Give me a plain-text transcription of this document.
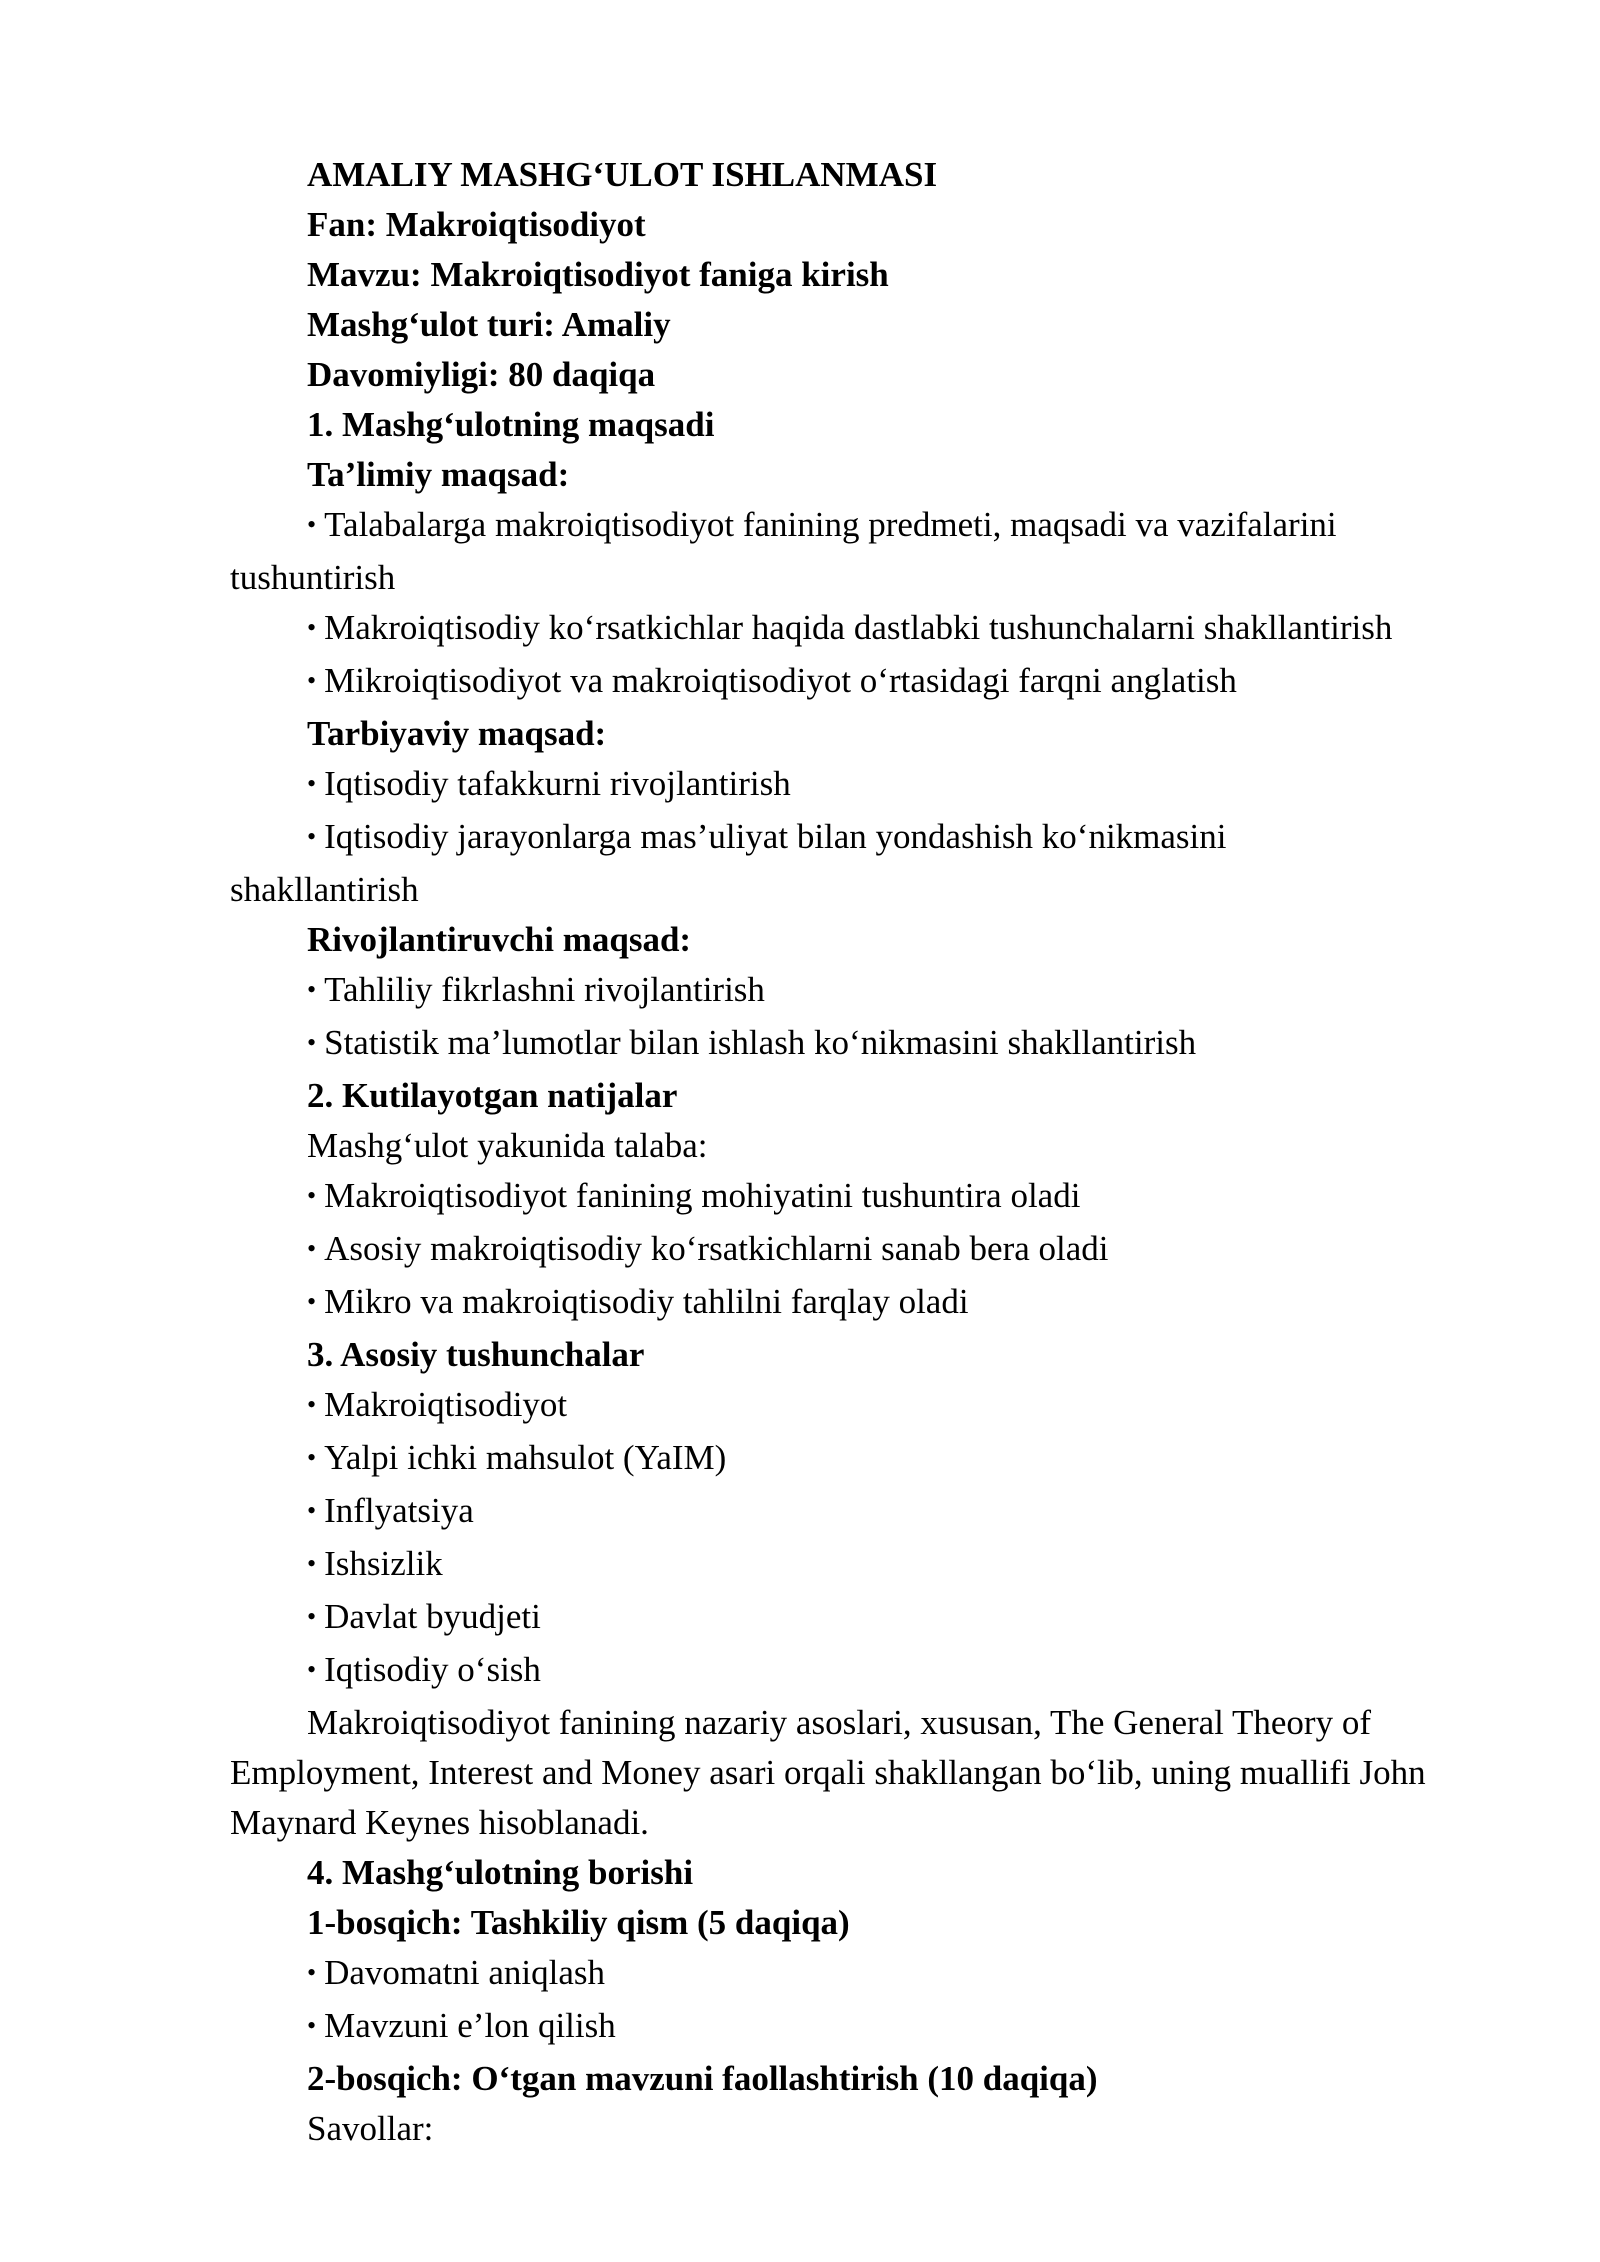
AMALIY MASHG‘ULOT ISHLANMASI
Fan: Makroiqtisodiyot
Mavzu: Makroiqtisodiyot faniga kirish
Mashg‘ulot turi: Amaliy
Davomiyligi: 80 daqiqa
1. Mashg‘ulotning maqsadi
Ta’limiy maqsad:
• Talabalarga makroiqtisodiyot fanining predmeti, maqsadi va vazifalarini
tushuntirish
• Makroiqtisodiy ko‘rsatkichlar haqida dastlabki tushunchalarni shakllantirish
• Mikroiqtisodiyot va makroiqtisodiyot o‘rtasidagi farqni anglatish
Tarbiyaviy maqsad:
• Iqtisodiy tafakkurni rivojlantirish
• Iqtisodiy jarayonlarga mas’uliyat bilan yondashish ko‘nikmasini
shakllantirish
Rivojlantiruvchi maqsad:
• Tahliliy fikrlashni rivojlantirish
• Statistik ma’lumotlar bilan ishlash ko‘nikmasini shakllantirish
2. Kutilayotgan natijalar
Mashg‘ulot yakunida talaba:
• Makroiqtisodiyot fanining mohiyatini tushuntira oladi
• Asosiy makroiqtisodiy ko‘rsatkichlarni sanab bera oladi
• Mikro va makroiqtisodiy tahlilni farqlay oladi
3. Asosiy tushunchalar
• Makroiqtisodiyot
• Yalpi ichki mahsulot (YaIM)
• Inflyatsiya
• Ishsizlik
• Davlat byudjeti
• Iqtisodiy o‘sish
Makroiqtisodiyot fanining nazariy asoslari, xususan, The General Theory of Employment, Interest and Money asari orqali shakllangan bo‘lib, uning muallifi John Maynard Keynes hisoblanadi.
4. Mashg‘ulotning borishi
1-bosqich: Tashkiliy qism (5 daqiqa)
• Davomatni aniqlash
• Mavzuni e’lon qilish
2-bosqich: O‘tgan mavzuni faollashtirish (10 daqiqa)
Savollar:
